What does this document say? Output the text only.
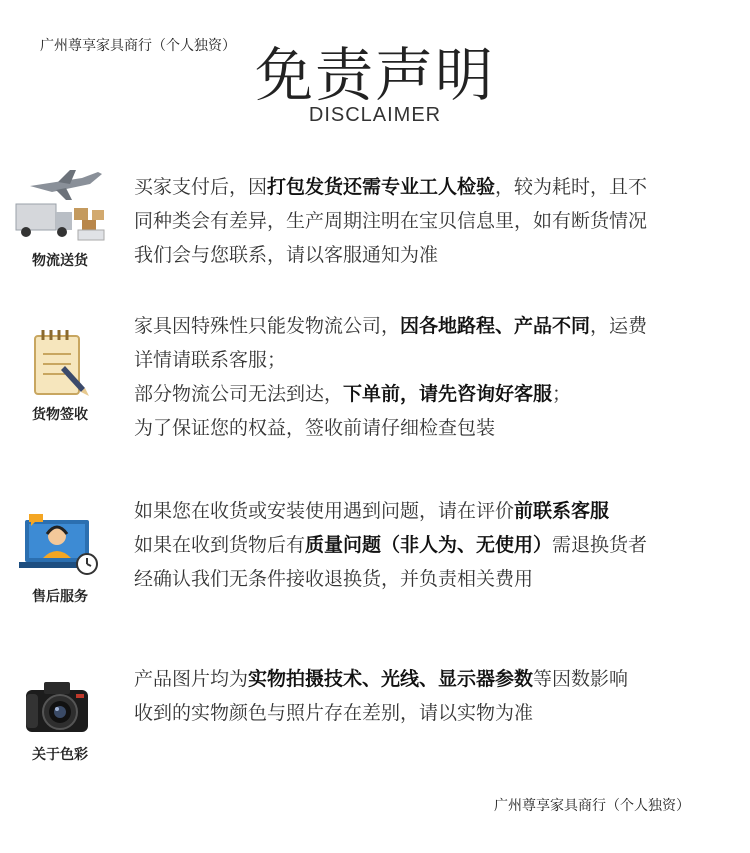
广州尊享家具商行（个人独资） 免责声明
DISCLAIMER
物流送货
买家支付后，因打包发货还需专业工人检验，较为耗时，且不
同种类会有差异，生产周期注明在宝贝信息里，如有断货情况
我们会与您联系，请以客服通知为准
货物签收
家具因特殊性只能发物流公司，因各地路程、产品不同，运费
详情请联系客服；
部分物流公司无法到达，下单前，请先咨询好客服；
为了保证您的权益，签收前请仔细检查包装
售后服务
如果您在收货或安装使用遇到问题，请在评价前联系客服
如果在收到货物后有质量问题（非人为、无使用）需退换货者
经确认我们无条件接收退换货，并负责相关费用
关于色彩
产品图片均为实物拍摄技术、光线、显示器参数等因数影响
收到的实物颜色与照片存在差别，请以实物为准
广州尊享家具商行（个人独资）
